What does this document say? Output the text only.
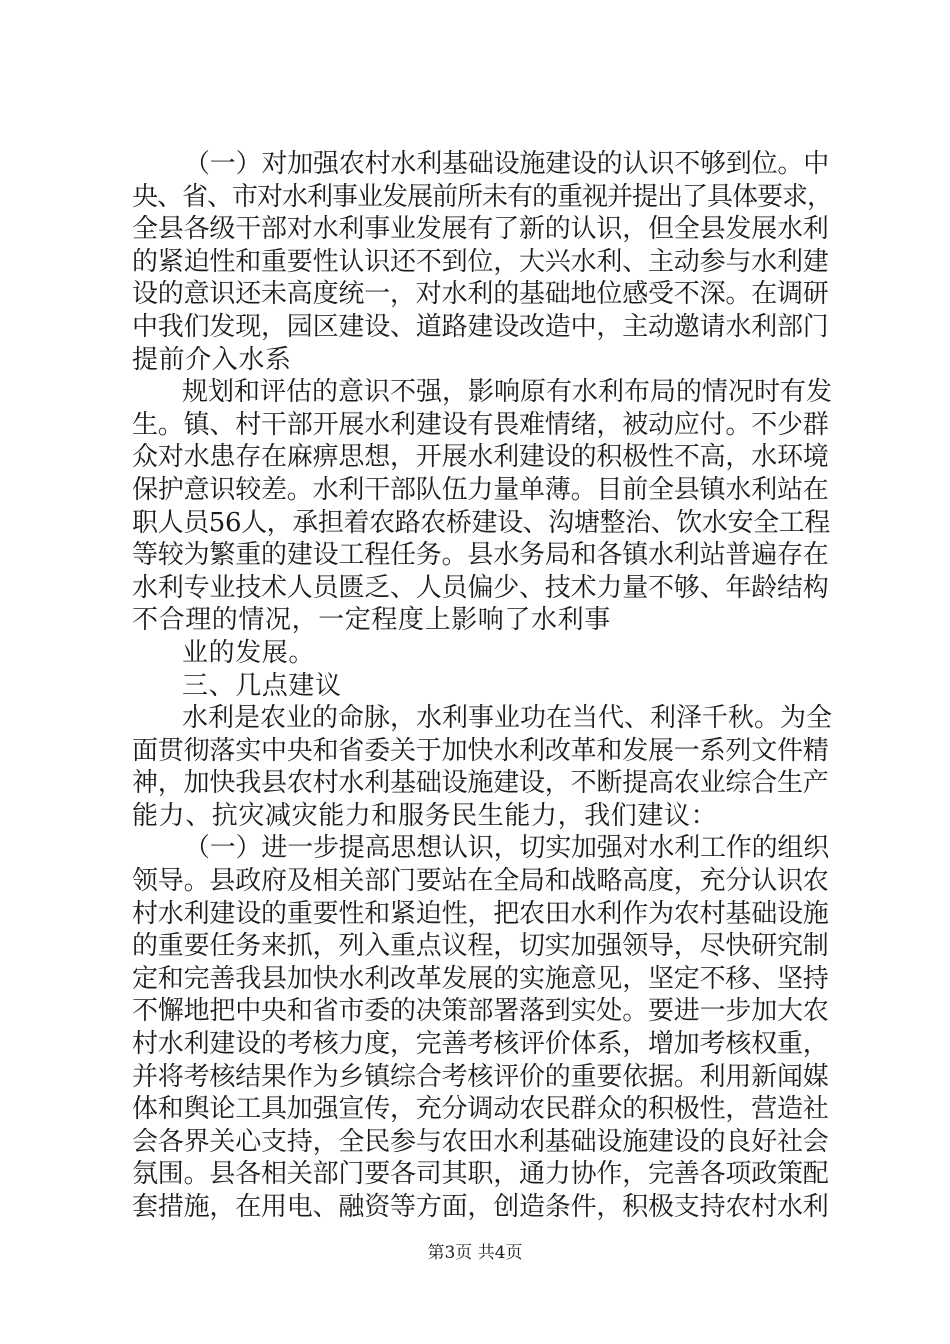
（一）对加强农村水利基础设施建设的认识不够到位。中
央、省、市对水利事业发展前所未有的重视并提出了具体要求，
全县各级干部对水利事业发展有了新的认识，但全县发展水利
的紧迫性和重要性认识还不到位，大兴水利、主动参与水利建
设的意识还未高度统一，对水利的基础地位感受不深。在调研
中我们发现，园区建设、道路建设改造中，主动邀请水利部门
提前介入水系
规划和评估的意识不强，影响原有水利布局的情况时有发
生。镇、村干部开展水利建设有畏难情绪，被动应付。不少群
众对水患存在麻痹思想，开展水利建设的积极性不高，水环境
保护意识较差。水利干部队伍力量单薄。目前全县镇水利站在
职人员56人，承担着农路农桥建设、沟塘整治、饮水安全工程
等较为繁重的建设工程任务。县水务局和各镇水利站普遍存在
水利专业技术人员匮乏、人员偏少、技术力量不够、年龄结构
不合理的情况，一定程度上影响了水利事
业的发展。
三、几点建议
水利是农业的命脉，水利事业功在当代、利泽千秋。为全
面贯彻落实中央和省委关于加快水利改革和发展一系列文件精
神，加快我县农村水利基础设施建设，不断提高农业综合生产
能力、抗灾减灾能力和服务民生能力，我们建议：
（一）进一步提高思想认识，切实加强对水利工作的组织
领导。县政府及相关部门要站在全局和战略高度，充分认识农
村水利建设的重要性和紧迫性，把农田水利作为农村基础设施
的重要任务来抓，列入重点议程，切实加强领导，尽快研究制
定和完善我县加快水利改革发展的实施意见，坚定不移、坚持
不懈地把中央和省市委的决策部署落到实处。要进一步加大农
村水利建设的考核力度，完善考核评价体系，增加考核权重，
并将考核结果作为乡镇综合考核评价的重要依据。利用新闻媒
体和舆论工具加强宣传，充分调动农民群众的积极性，营造社
会各界关心支持，全民参与农田水利基础设施建设的良好社会
氛围。县各相关部门要各司其职，通力协作，完善各项政策配
套措施，在用电、融资等方面，创造条件，积极支持农村水利
第3页 共4页
